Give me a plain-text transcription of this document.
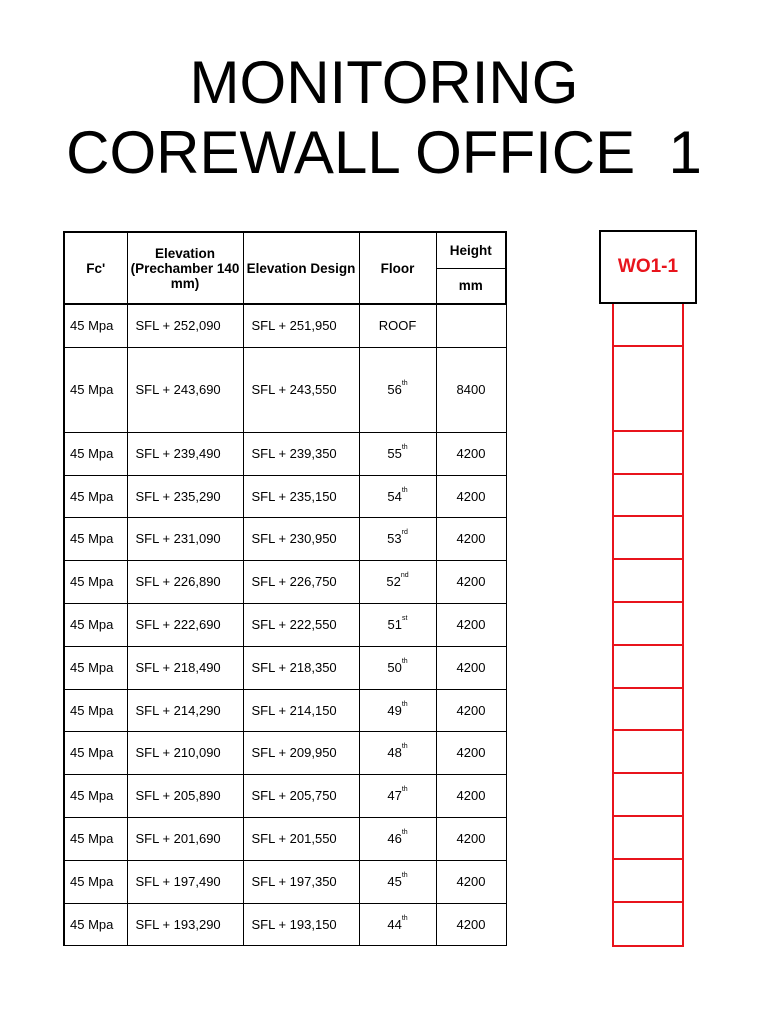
MONITORING
COREWALL OFFICE  1
Fc'	Elevation (Prechamber 140 mm)	Elevation Design	Floor	Height
				mm
45 Mpa	SFL + 252,090	SFL + 251,950	ROOF	
45 Mpa	SFL + 243,690	SFL + 243,550	56th	8400
45 Mpa	SFL + 239,490	SFL + 239,350	55th	4200
45 Mpa	SFL + 235,290	SFL + 235,150	54th	4200
45 Mpa	SFL + 231,090	SFL + 230,950	53rd	4200
45 Mpa	SFL + 226,890	SFL + 226,750	52nd	4200
45 Mpa	SFL + 222,690	SFL + 222,550	51st	4200
45 Mpa	SFL + 218,490	SFL + 218,350	50th	4200
45 Mpa	SFL + 214,290	SFL + 214,150	49th	4200
45 Mpa	SFL + 210,090	SFL + 209,950	48th	4200
45 Mpa	SFL + 205,890	SFL + 205,750	47th	4200
45 Mpa	SFL + 201,690	SFL + 201,550	46th	4200
45 Mpa	SFL + 197,490	SFL + 197,350	45th	4200
45 Mpa	SFL + 193,290	SFL + 193,150	44th	4200
WO1-1
